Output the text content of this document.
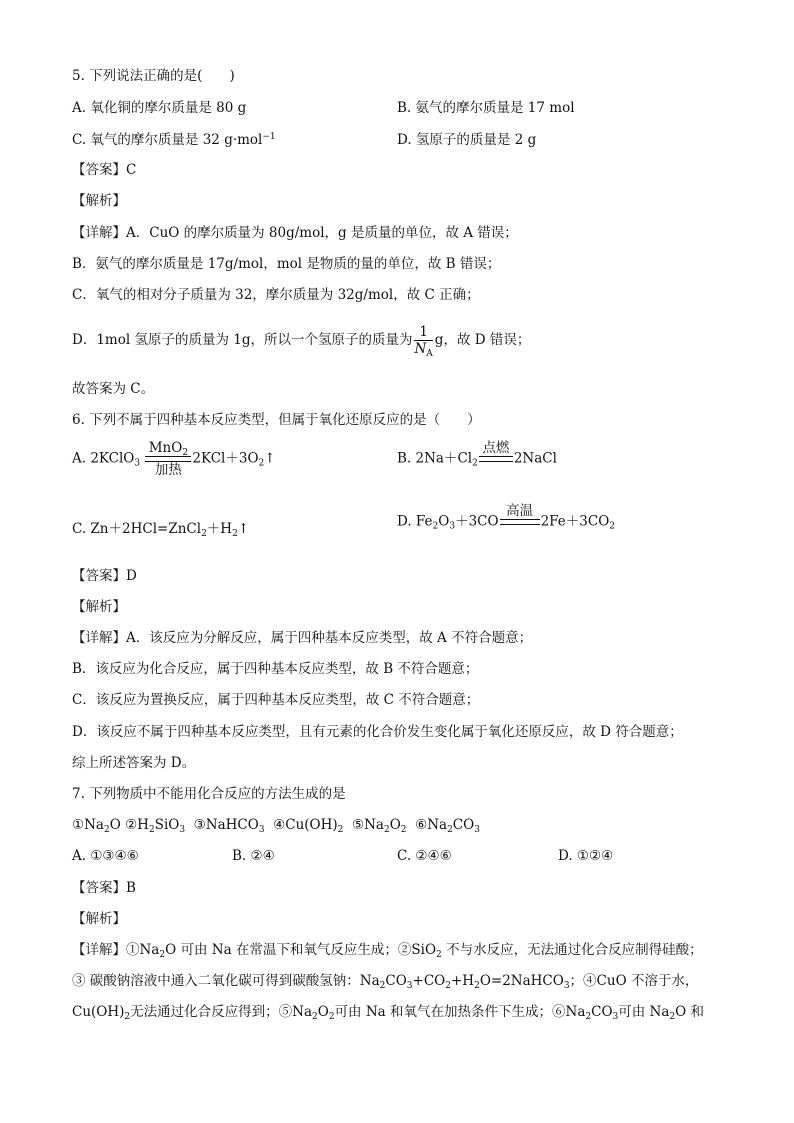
5. 下列说法正确的是(　　)
A. 氧化铜的摩尔质量是 80 g	B. 氨气的摩尔质量是 17 mol
C. 氧气的摩尔质量是 32 g·mol$^{-1}$	D. 氢原子的质量是 2 g
【答案】C
【解析】
【详解】A．CuO 的摩尔质量为 80g/mol，g 是质量的单位，故 A 错误；
B．氨气的摩尔质量是 17g/mol，mol 是物质的量的单位，故 B 错误；
C．氧气的相对分子质量为 32，摩尔质量为 32g/mol，故 C 正确；
D．1mol 氢原子的质量为 1g，所以一个氢原子的质量为 $\frac{1}{N_A}$ g，故 D 错误；
故答案为 C。
6. 下列不属于四种基本反应类型，但属于氧化还原反应的是（　　）
A. 2KClO$_3$
MnO$_2$
加热
$2KCl+3O_2↑$	B. $2Na+Cl_2$
点燃

2NaCl
C. $Zn+2HCl=ZnCl_2+H_2↑$	D. $Fe_2O_3+3CO$
高温

$2Fe+3CO_2$
【答案】D
【解析】
【详解】A．该反应为分解反应，属于四种基本反应类型，故 A 不符合题意；
B．该反应为化合反应，属于四种基本反应类型，故 B 不符合题意；
C．该反应为置换反应，属于四种基本反应类型，故 C 不符合题意；
D．该反应不属于四种基本反应类型，且有元素的化合价发生变化属于氧化还原反应，故 D 符合题意；
综上所述答案为 D。
7. 下列物质中不能用化合反应的方法生成的是
$①Na_2O$ $②H_2SiO_3$ ③NaHCO$_3$ $④Cu(OH)_2$ $⑤Na_2O_2$ $⑥Na_2CO_3$
A. ①③④⑥	B. ②④	C. ②④⑥	D. ①②④
【答案】B
【解析】
【详解】$①Na_2O$ 可由 Na 在常温下和氧气反应生成；②SiO$_2$ 不与水反应，无法通过化合反应制得硅酸；
③ 碳酸钠溶液中通入二氧化碳可得到碳酸氢钠：$Na_2CO_3+CO_2+H_2O=2NaHCO_3$；④CuO 不溶于水，
$Cu(OH)_2$无法通过化合反应得到；$⑤Na_2O_2$可由 Na 和氧气在加热条件下生成；$⑥Na_2CO_3$可由 $Na_2O$ 和
